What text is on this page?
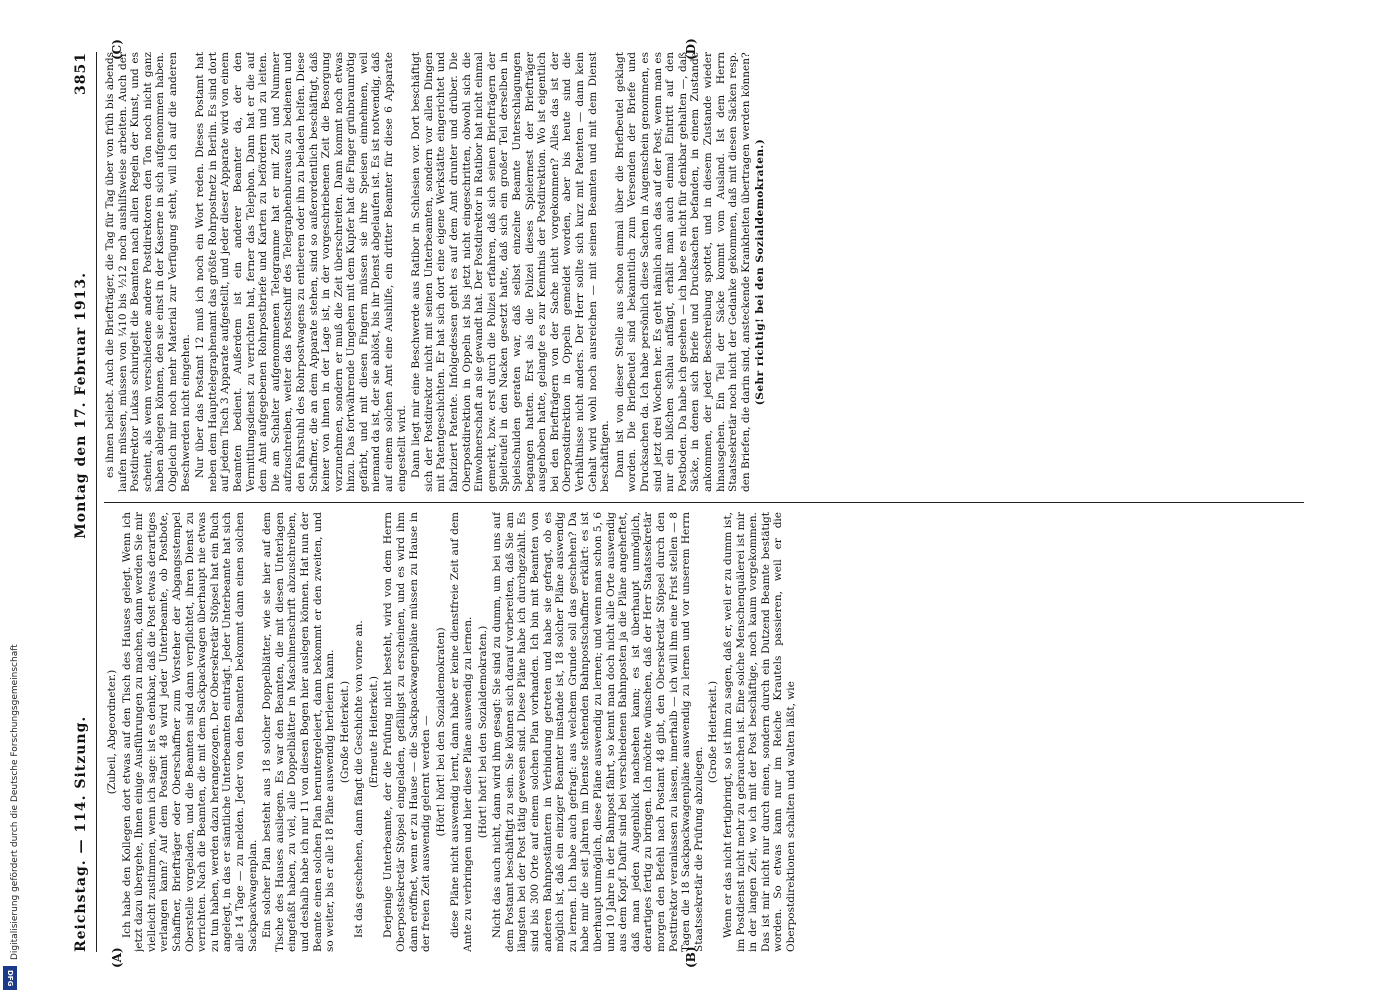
Digitalisierung gefördert durch die Deutsche Forschungsgemeinschaft
DFG
Reichstag. — 114. Sitzung.
Montag den 17. Februar 1913.
3851
(A)	(B)
(C)	(D)

(Zubeil, Abgeordneter.) Ich habe den Kollegen dort etwas auf den Tisch des Hauses gelegt. Wenn ich jetzt dazu übergehe, Ihnen einige Ausführungen zu machen, dann werden Sie mir vielleicht zustimmen, wenn ich sage: ist es denkbar, daß die Post etwas derartiges verlangen kann? Auf dem Postamt 48 wird jeder Unterbeamte, ob Postbote, Schaffner, Briefträger oder Oberschaffner zum Vorsteher der Abgangsstempel Oberstelle vorgeladen, und die Beamten sind dann verpflichtet, ihren Dienst zu verrichten. Nach die Beamten, die mit dem Sackpackwagen überhaupt nie etwas zu tun haben, werden dazu herangezogen. Der Obersekretär Stöpsel hat ein Buch angelegt, in das er sämtliche Unterbeamten einträgt. Jeder Unterbeamte hat sich alle 14 Tage — zu melden. Jeder von den Beamten bekommt dann einen solchen Sackpackwagenplan. Ein solcher Plan besteht aus 18 solcher Doppelblätter, wie sie hier auf dem Tische des Hauses ausliegen. Es war den Beamten, die mit diesen Unterlagen eingefaßt haben, zu viel, alle Doppelblätter in Maschinenschrift abzuschreiben, und deshalb habe ich nur 11 von diesen Bogen hier auslegen können. Hat nun der Beamte einen solchen Plan heruntergeleiert, dann bekommt er den zweiten, und so weiter, bis er alle 18 Pläne auswendig herleiern kann. (Große Heiterkeit.) Ist das geschehen, dann fängt die Geschichte von vorne an. (Erneute Heiterkeit.) Derjenige Unterbeamte, der die Prüfung nicht besteht, wird von dem Herrn Oberpostsekretär Stöpsel eingeladen, gefälligst zu erscheinen, und es wird ihm dann eröffnet, wenn er zu Hause — die Sackpackwagenpläne müssen zu Hause in der freien Zeit auswendig gelernt werden — (Hört! hört! bei den Sozialdemokraten) diese Pläne nicht auswendig lernt, dann habe er keine dienstfreie Zeit auf dem Amte zu verbringen und hier diese Pläne auswendig zu lernen. (Hört! hört! bei den Sozialdemokraten.) Nicht das auch nicht, dann wird ihm gesagt: Sie sind zu dumm, um bei uns auf dem Postamt beschäftigt zu sein. Sie können sich darauf vorbereiten, daß Sie am längsten bei der Post tätig gewesen sind. Diese Pläne habe ich durchgezählt. Es sind bis 300 Orte auf einem solchen Plan vorhanden. Ich bin mit Beamten von anderen Bahnpostämtern in Verbindung getreten und habe sie gefragt, ob es möglich ist, daß ein einziger Beamter imstande ist, 18 solcher Pläne auswendig zu lernen. Ich habe auch gefragt: aus welchem Grunde soll das geschehen? Da habe mir die seit Jahren im Dienste stehenden Bahnpostschaffner erklärt: es ist überhaupt unmöglich, diese Pläne auswendig zu lernen; und wenn man schon 5, 6 und 10 Jahre in der Bahnpost fährt, so kennt man doch nicht alle Orte auswendig aus dem Kopf. Dafür sind bei verschiedenen Bahnposten ja die Pläne angeheftet, daß man jeden Augenblick nachsehen kann; es ist überhaupt unmöglich, derartiges fertig zu bringen. Ich möchte wünschen, daß der Herr Staatssekretär morgen den Befehl nach Postamt 48 gibt, den Obersekretär Stöpsel durch den Posttirektor veranlassen zu lassen, innerhalb — ich will ihm eine Frist stellen — 8 Tagen die 18 Sackpackwagenpläne auswendig zu lernen und vor unserem Herrn Staatssekretär die Prüfung abzulegen.

(Große Heiterkeit.) Wenn er das nicht fertigbringt, so ist ihm zu sagen, daß er, weil er zu dumm ist, im Postdienst nicht mehr zu gebrauchen ist. Eine solche Menschenquälerei ist mir in der langen Zeit, wo ich mit der Post beschäftige, noch kaum vorgekommen. Das ist mir nicht nur durch einen, sondern durch ein Dutzend Beamte bestätigt worden. So etwas kann nur im Reiche Krautels passieren, weil er die Oberpostdirektionen schalten und walten läßt, wie

es ihnen beliebt. Auch die Briefträger, die Tag für Tag über von früh bis abends laufen müssen, müssen von ¼10 bis ½12 noch aushilfsweise arbeiten. Auch der Postdirektor Lukas schurigelt die Beamten nach allen Regeln der Kunst, und es scheint, als wenn verschiedene andere Postdirektoren den Ton noch nicht ganz haben ablegen können, den sie einst in der Kaserne in sich aufgenommen haben. Obgleich mir noch mehr Material zur Verfügung steht, will ich auf die anderen Beschwerden nicht eingehen. Nur über das Postamt 12 muß ich noch ein Wort reden. Dieses Postamt hat neben dem Haupttelegraphenamt das größte Rohrpostnetz in Berlin. Es sind dort auf jedem Tisch 3 Apparate aufgestellt, und jeder dieser Apparate wird von einem Beamten bedient. Außerdem ist ein anderer Beamter da, der den Vermittlungsdienst zu verrichten hat, ferner das Telephon. Dann hat er die auf dem Amt aufgegebenen Rohrpostbriefe und Karten zu befördern und zu leiten. Die am Schalter aufgenommenen Telegramme hat er mit Zeit und Nummer aufzuschreiben, weiter das Postschiff des Telegraphenbureaus zu bedienen und den Fahrstuhl des Rohrpostwagens zu entleeren oder ihn zu beladen helfen. Diese Schaffner, die an dem Apparate stehen, sind so außerordentlich beschäftigt, daß keiner von ihnen in der Lage ist, in der vorgeschriebenen Zeit die Besorgung vorzunehmen, sondern er muß die Zeit überschreiten. Dann kommt noch etwas hinzu. Das fortwährende Umgehen mit dem Kupfer hat die Finger grünbraunrötig gefärbt, und mit diesen Fingern müssen sie ihre Speisen einnehmen, weil niemand da ist, der sie ablöst, bis ihr Dienst abgelaufen ist. Es ist notwendig, daß auf einem solchen Amt eine Aushilfe, ein dritter Beamter für diese 6 Apparate eingestellt wird. Dann liegt mir eine Beschwerde aus Ratibor in Schlesien vor. Dort beschäftigt sich der Postdirektor nicht mit seinen Unterbeamten, sondern vor allen Dingen mit Patentgeschichten. Er hat sich dort eine eigene Werkstätte eingerichtet und fabriziert Patente. Infolgedessen geht es auf dem Amt drunter und drüber. Die Oberpostdirektion in Oppeln ist bis jetzt nicht eingeschritten, obwohl sich die Einwohnerschaft an sie gewandt hat. Der Postdirektor in Ratibor hat nicht einmal gemerkt, bzw. erst durch die Polizei erfahren, daß sich seinen Briefträgern der Spielteufel in den Nacken gesetzt hatte, daß sich ein großer Teil derselben in Spielschulden geraten war, daß selbst einzelne Beamte Unterschlagungen begangen hatten. Erst als die Polizei dieses Spielernest der Briefträger ausgehoben hatte, gelangte es zur Kenntnis der Postdirektion. Wo ist eigentlich bei den Briefträgern von der Sache nicht vorgekommen? Alles das ist der Oberpostdirektion in Oppeln gemeldet worden, aber bis heute sind die Verhältnisse nicht anders. Der Herr sollte sich kurz mit Patenten — dann kein Gehalt wird wohl noch ausreichen — mit seinen Beamten und mit dem Dienst beschäftigen. Dann ist von dieser Stelle aus schon einmal über die Briefbeutel geklagt worden. Die Briefbeutel sind bekanntlich zum Versenden der Briefe und Drucksachen da. Ich habe persönlich diese Sachen in Augenschein genommen, es sind jetzt drei Wochen her. Es geht nämlich auch das auf der Post; wenn man es nur ein bißchen schlau anfängt, erhält man auch einmal Eintritt auf den Postboden. Da habe ich gesehen — ich habe es nicht für denkbar gehalten —, daß Säcke, in denen sich Briefe und Drucksachen befanden, in einem Zustande ankommen, der jeder Beschreibung spottet, und in diesem Zustande wieder hinausgehen. Ein Teil der Säcke kommt vom Ausland. Ist dem Herrn Staatssekretär noch nicht der Gedanke gekommen, daß mit diesen Säcken resp. den Briefen, die darin sind, ansteckende Krankheiten übertragen werden können? (Sehr richtig! bei den Sozialdemokraten.)
